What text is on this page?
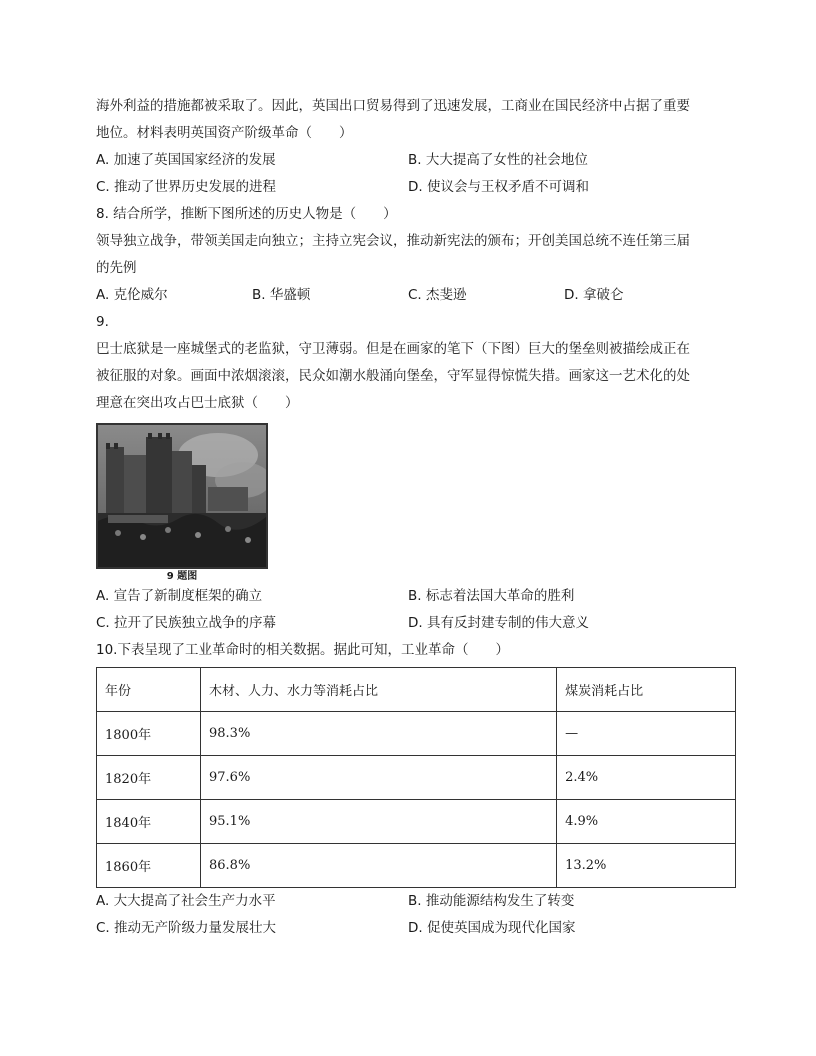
海外利益的措施都被采取了。因此，英国出口贸易得到了迅速发展，工商业在国民经济中占据了重要
地位。材料表明英国资产阶级革命（　　）
A. 加速了英国国家经济的发展	B. 大大提高了女性的社会地位
C. 推动了世界历史发展的进程	D. 使议会与王权矛盾不可调和
8. 结合所学，推断下图所述的历史人物是（　　）
领导独立战争，带领美国走向独立；主持立宪会议，推动新宪法的颁布；开创美国总统不连任第三届
的先例
A. 克伦威尔	B. 华盛顿	C. 杰斐逊	D. 拿破仑
9.
巴士底狱是一座城堡式的老监狱，守卫薄弱。但是在画家的笔下（下图）巨大的堡垒则被描绘成正在
被征服的对象。画面中浓烟滚滚，民众如潮水般涌向堡垒，守军显得惊慌失措。画家这一艺术化的处
理意在突出攻占巴士底狱（　　）
9 题图
A. 宣告了新制度框架的确立	B. 标志着法国大革命的胜利
C. 拉开了民族独立战争的序幕	D. 具有反封建专制的伟大意义
10.下表呈现了工业革命时的相关数据。据此可知，工业革命（　　）
年份	木材、人力、水力等消耗占比	煤炭消耗占比
1800年	98.3%	—
1820年	97.6%	2.4%
1840年	95.1%	4.9%
1860年	86.8%	13.2%
A. 大大提高了社会生产力水平	B. 推动能源结构发生了转变
C. 推动无产阶级力量发展壮大	D. 促使英国成为现代化国家
